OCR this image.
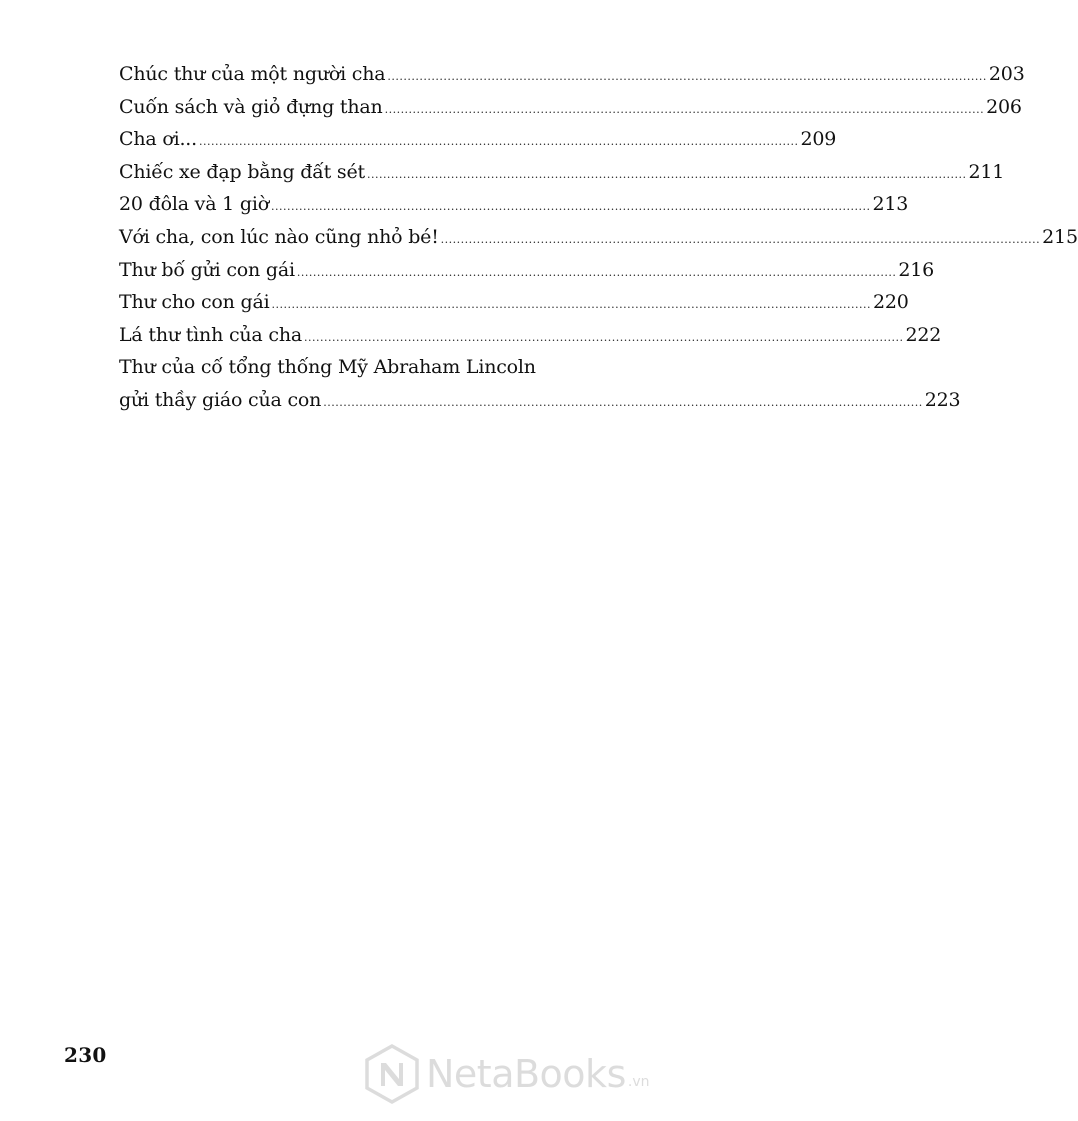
Chúc thư của một người cha ...................................................................................................................................................... 203
Cuốn sách và giỏ đựng than ...................................................................................................................................................... 206
Cha ơi... ...................................................................................................................................................... 209
Chiếc xe đạp bằng đất sét ...................................................................................................................................................... 211
20 đôla và 1 giờ ...................................................................................................................................................... 213
Với cha, con lúc nào cũng nhỏ bé! ...................................................................................................................................................... 215
Thư bố gửi con gái ...................................................................................................................................................... 216
Thư cho con gái ...................................................................................................................................................... 220
Lá thư tình của cha ...................................................................................................................................................... 222
Thư của cố tổng thống Mỹ Abraham Lincoln
gửi thầy giáo của con ...................................................................................................................................................... 223
230	NetaBooks .vn
